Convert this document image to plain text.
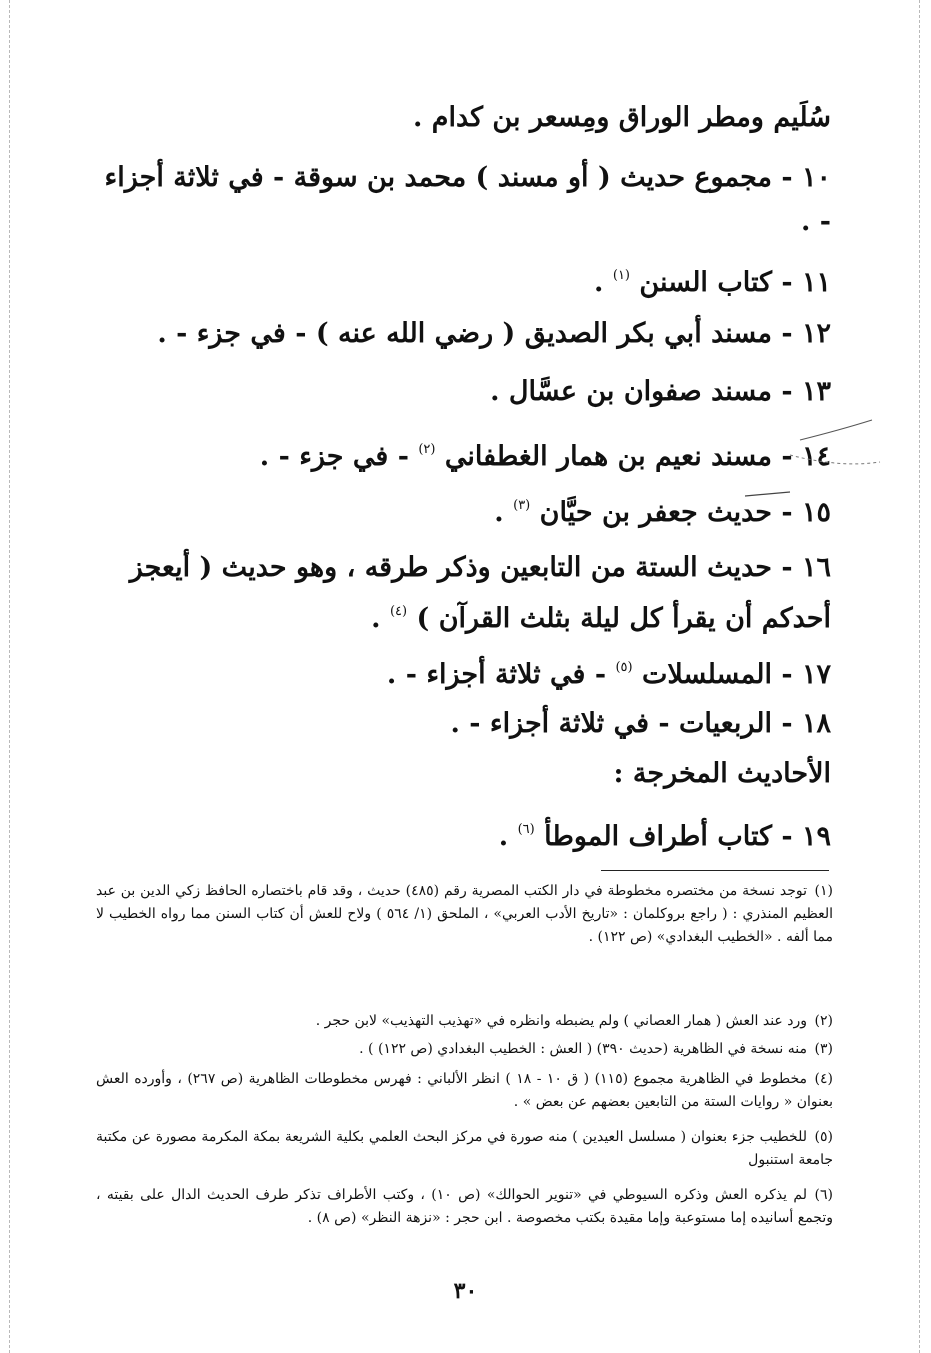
سُلَيم ومطر الوراق ومِسعر بن كدام .
١٠ - مجموع حديث ( أو مسند ) محمد بن سوقة - في ثلاثة أجزاء - .
١١ - كتاب السنن $^{(١)}$ .
١٢ - مسند أبي بكر الصديق ( رضي الله عنه ) - في جزء - .
١٣ - مسند صفوان بن عسَّال .
١٤ - مسند نعيم بن همار الغطفاني $^{(٢)}$ - في جزء - .
١٥ - حديث جعفر بن حيَّان $^{(٣)}$ .
١٦ - حديث الستة من التابعين وذكر طرقه ، وهو حديث ( أيعجز أحدكم أن يقرأ كل ليلة بثلث القرآن ) $^{(٤)}$ .
١٧ - المسلسلات $^{(٥)}$ - في ثلاثة أجزاء - .
١٨ - الربعيات - في ثلاثة أجزاء - .
الأحاديث المخرجة :
١٩ - كتاب أطراف الموطأ $^{(٦)}$ .
(١)توجد نسخة من مختصره مخطوطة في دار الكتب المصرية رقم (٤٨٥) حديث ، وقد قام باختصاره الحافظ زكي الدين بن عبد العظيم المنذري : ( راجع بروكلمان : «تاريخ الأدب العربي» ، الملحق (١/ ٥٦٤ ) ولاح للعش أن كتاب السنن مما رواه الخطيب لا مما ألفه . «الخطيب البغدادي» (ص ١٢٢) .
(٢)ورد عند العش ( همار العصاني ) ولم يضبطه وانظره في «تهذيب التهذيب» لابن حجر .
(٣)منه نسخة في الظاهرية (حديث ٣٩٠) ( العش : الخطيب البغدادي (ص ١٢٢) ) .
(٤)مخطوط في الظاهرية مجموع (١١٥) ( ق ١٠ - ١٨ ) انظر الألباني : فهرس مخطوطات الظاهرية (ص ٢٦٧) ، وأورده العش بعنوان « روايات الستة من التابعين بعضهم عن بعض » .
(٥)للخطيب جزء بعنوان ( مسلسل العيدين ) منه صورة في مركز البحث العلمي بكلية الشريعة بمكة المكرمة مصورة عن مكتبة جامعة استنبول
(٦)لم يذكره العش وذكره السيوطي في «تنوير الحوالك» (ص ١٠) ، وكتب الأطراف تذكر طرف الحديث الدال على بقيته ، وتجمع أسانيده إما مستوعبة وإما مقيدة بكتب مخصوصة . ابن حجر : «نزهة النظر» (ص ٨) .
٣٠
